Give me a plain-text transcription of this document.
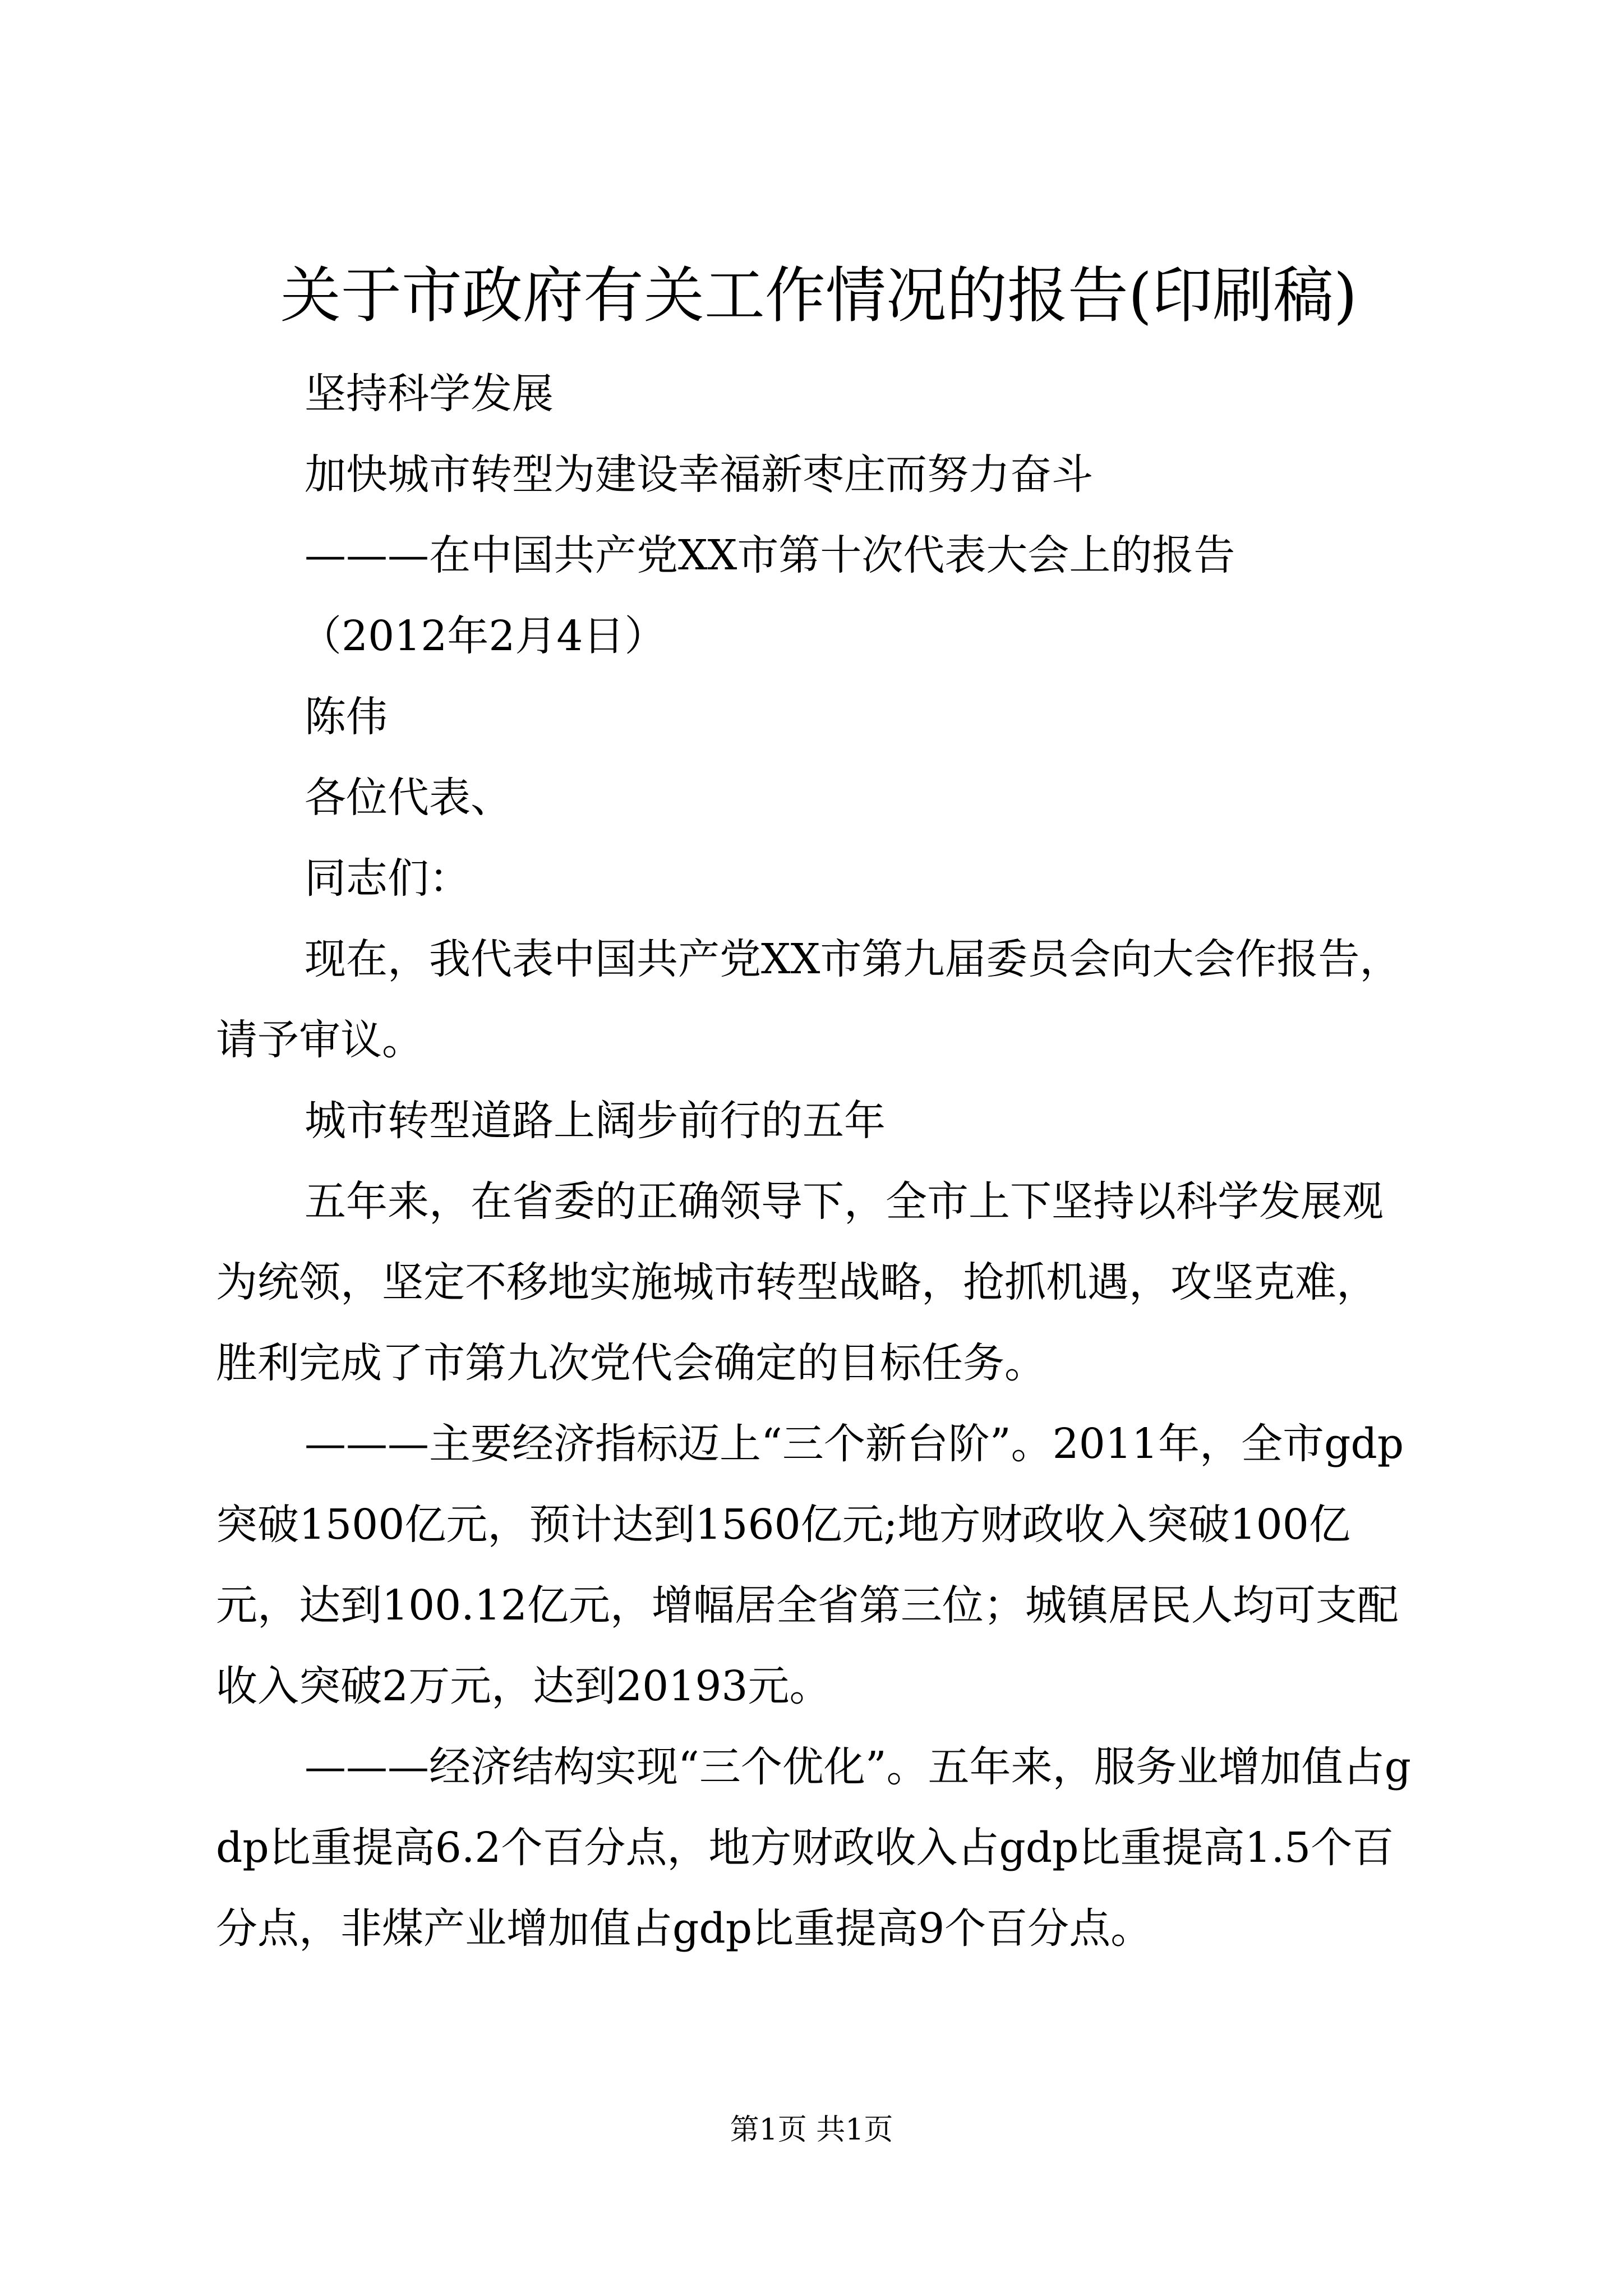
关于市政府有关工作情况的报告(印刷稿)

坚持科学发展

加快城市转型为建设幸福新枣庄而努力奋斗

———在中国共产党XX市第十次代表大会上的报告

（2012年2月4日）

陈伟

各位代表、

同志们：

现在，我代表中国共产党XX市第九届委员会向大会作报告，请予审议。

城市转型道路上阔步前行的五年

五年来，在省委的正确领导下，全市上下坚持以科学发展观为统领，坚定不移地实施城市转型战略，抢抓机遇，攻坚克难，胜利完成了市第九次党代会确定的目标任务。

———主要经济指标迈上“三个新台阶”。2011年，全市gdp突破1500亿元，预计达到1560亿元;地方财政收入突破100亿元，达到100.12亿元，增幅居全省第三位；城镇居民人均可支配收入突破2万元，达到20193元。

———经济结构实现“三个优化”。五年来，服务业增加值占gdp比重提高6.2个百分点，地方财政收入占gdp比重提高1.5个百分点，非煤产业增加值占gdp比重提高9个百分点。

第1页 共1页
